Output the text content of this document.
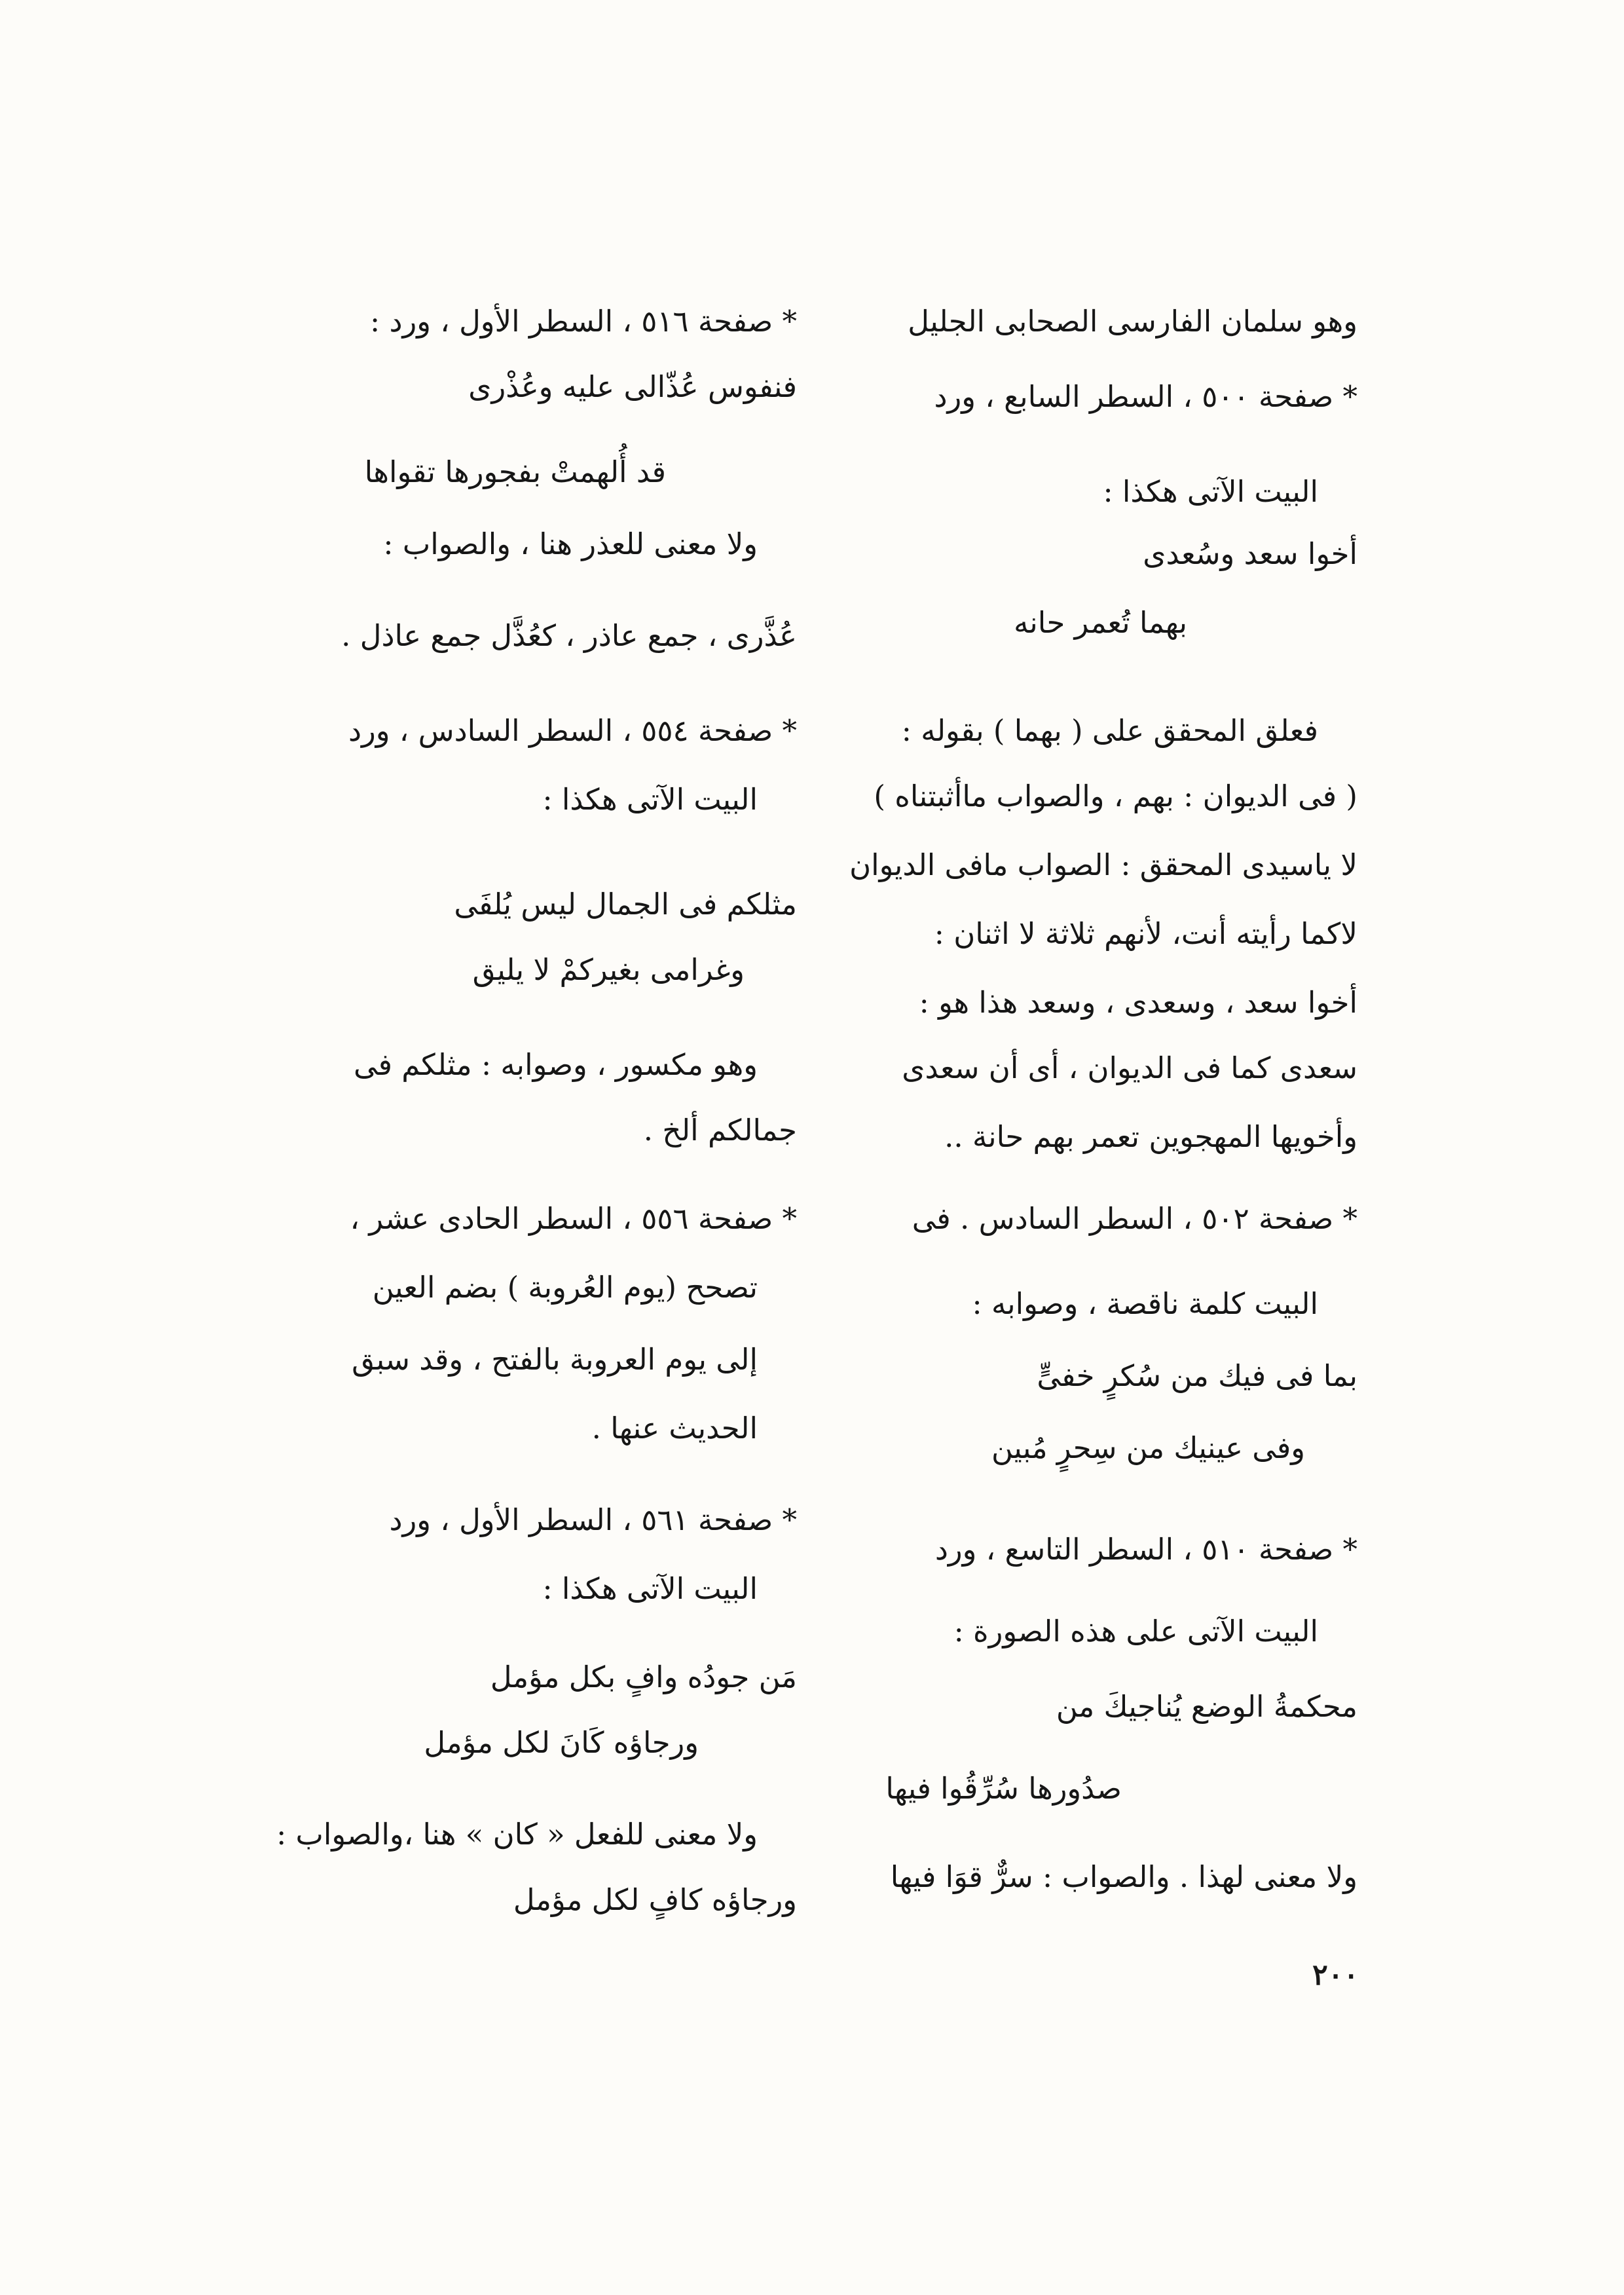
وهو سلمان الفارسى الصحابى الجليل
* صفحة ٥٠٠ ، السطر السابع ، ورد
البيت الآتى هكذا :
أخوا سعد وسُعدى
بهما تُعمر حانه
فعلق المحقق على ( بهما ) بقوله :
( فى الديوان : بهم ، والصواب ماأثبتناه )
لا ياسيدى المحقق : الصواب مافى الديوان
لاكما رأيته أنت، لأنهم ثلاثة لا اثنان :
أخوا سعد ، وسعدى ، وسعد هذا هو :
سعدى كما فى الديوان ، أى أن سعدى
وأخويها المهجوين تعمر بهم حانة ..
* صفحة ٥٠٢ ، السطر السادس . فى
البيت كلمة ناقصة ، وصوابه :
بما فى فيك من سُكرٍ خفىٍّ
وفى عينيك من سِحرٍ مُبين
* صفحة ٥١٠ ، السطر التاسع ، ورد
البيت الآتى على هذه الصورة :
محكمةُ الوضع يُناجيكَ من
صدُورها سُرِّقُوا فيها
ولا معنى لهذا . والصواب : سرٌّ قوَا فيها
* صفحة ٥١٦ ، السطر الأول ، ورد :
فنفوس عُذّالى عليه وعُذْرى
قد أُلهمتْ بفجورها تقواها
ولا معنى للعذر هنا ، والصواب :
عُذَّرى ، جمع عاذر ، كعُذَّل جمع عاذل .
* صفحة ٥٥٤ ، السطر السادس ، ورد
البيت الآتى هكذا :
مثلكم فى الجمال ليس يُلفَى
وغرامى بغيركمْ لا يليق
وهو مكسور ، وصوابه : مثلكم فى
جمالكم ألخ .
* صفحة ٥٥٦ ، السطر الحادى عشر ،
تصحح (يوم العُروبة ) بضم العين
إلى يوم العروبة بالفتح ، وقد سبق
الحديث عنها .
* صفحة ٥٦١ ، السطر الأول ، ورد
البيت الآتى هكذا :
مَن جودُه وافٍ بكل مؤمل
ورجاؤه كَانَ لكل مؤمل
ولا معنى للفعل « كان » هنا ،والصواب :
ورجاؤه كافٍ لكل مؤمل
٢٠٠
